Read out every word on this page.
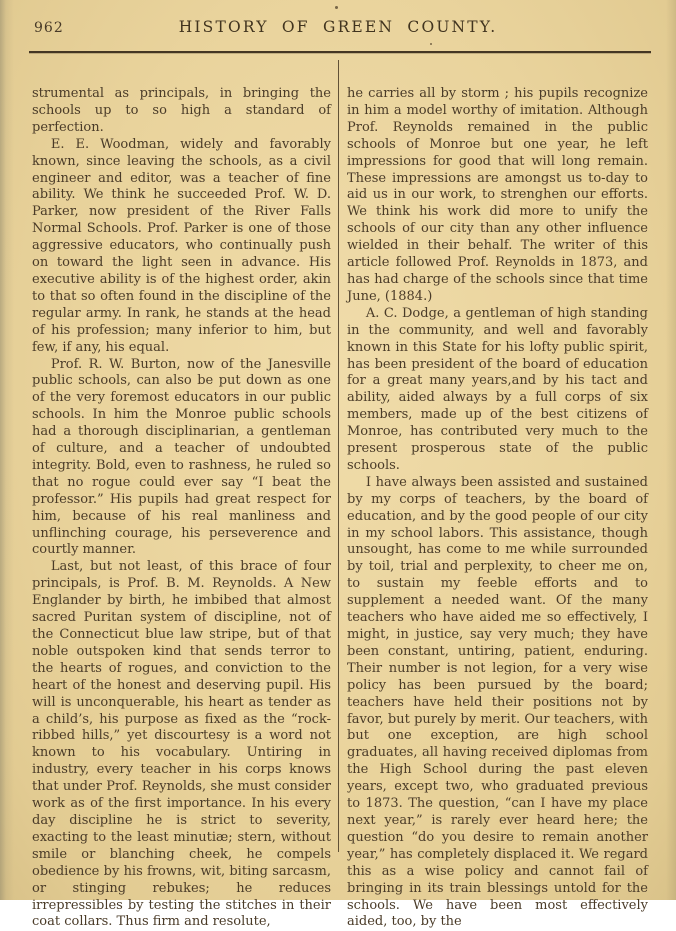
962	HISTORY OF GREEN COUNTY.

strumental as principals, in bringing the schools up to so high a standard of perfection.

E. E. Woodman, widely and favorably known, since leaving the schools, as a civil engineer and editor, was a teacher of fine ability. We think he succeeded Prof. W. D. Parker, now president of the River Falls Normal Schools. Prof. Parker is one of those aggressive educators, who continually push on toward the light seen in advance. His executive ability is of the highest order, akin to that so often found in the discipline of the regular army. In rank, he stands at the head of his profession; many inferior to him, but few, if any, his equal.

Prof. R. W. Burton, now of the Janesville public schools, can also be put down as one of the very foremost educators in our public schools. In him the Monroe public schools had a thorough disciplinarian, a gentleman of culture, and a teacher of undoubted integrity. Bold, even to rashness, he ruled so that no rogue could ever say “I beat the professor.” His pupils had great respect for him, because of his real manliness and unflinching courage, his perseverence and courtly manner.

Last, but not least, of this brace of four principals, is Prof. B. M. Reynolds. A New Englander by birth, he imbibed that almost sacred Puritan system of discipline, not of the Connecticut blue law stripe, but of that noble outspoken kind that sends terror to the hearts of rogues, and conviction to the heart of the honest and deserving pupil. His will is unconquerable, his heart as tender as a child’s, his purpose as fixed as the “rock-ribbed hills,” yet discourtesy is a word not known to his vocabulary. Untiring in industry, every teacher in his corps knows that under Prof. Reynolds, she must consider work as of the first importance. In his every day discipline he is strict to severity, exacting to the least minutiæ; stern, without smile or blanching cheek, he compels obedience by his frowns, wit, biting sarcasm, or stinging rebukes; he reduces irrepressibles by testing the stitches in their coat collars. Thus firm and resolute,

he carries all by storm ; his pupils recognize in him a model worthy of imitation. Although Prof. Reynolds remained in the public schools of Monroe but one year, he left impressions for good that will long remain. These impressions are amongst us to-day to aid us in our work, to strenghen our efforts. We think his work did more to unify the schools of our city than any other influence wielded in their behalf. The writer of this article followed Prof. Reynolds in 1873, and has had charge of the schools since that time June, (1884.)

A. C. Dodge, a gentleman of high standing in the community, and well and favorably known in this State for his lofty public spirit, has been president of the board of education for a great many years,and by his tact and ability, aided always by a full corps of six members, made up of the best citizens of Monroe, has contributed very much to the present prosperous state of the public schools.

I have always been assisted and sustained by my corps of teachers, by the board of education, and by the good people of our city in my school labors. This assistance, though unsought, has come to me while surrounded by toil, trial and perplexity, to cheer me on, to sustain my feeble efforts and to supplement a needed want. Of the many teachers who have aided me so effectively, I might, in justice, say very much; they have been constant, untiring, patient, enduring. Their number is not legion, for a very wise policy has been pursued by the board; teachers have held their positions not by favor, but purely by merit. Our teachers, with but one exception, are high school graduates, all having received diplomas from the High School during the past eleven years, except two, who graduated previous to 1873. The question, “can I have my place next year,” is rarely ever heard here; the question “do you desire to remain another year,” has completely displaced it. We regard this as a wise policy and cannot fail of bringing in its train blessings untold for the schools. We have been most effectively aided, too, by the
